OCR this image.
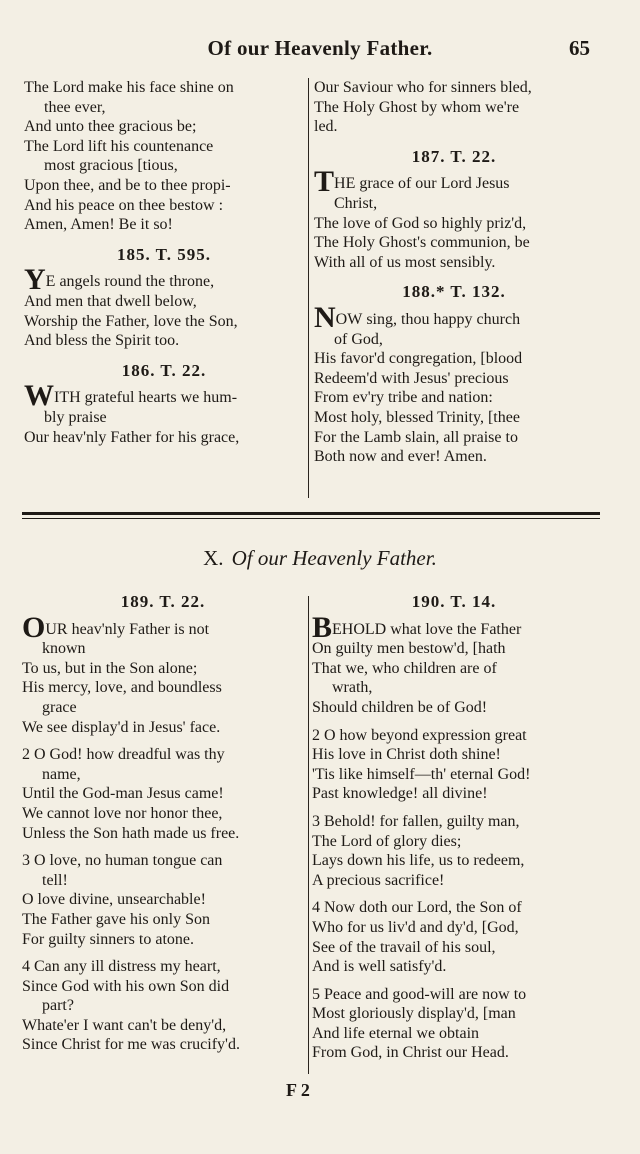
Of our Heavenly Father.	65

The Lord make his face shine on

thee ever,

And unto thee gracious be;

The Lord lift his countenance

most gracious [tious,

Upon thee, and be to thee propi-

And his peace on thee bestow :

Amen, Amen! Be it so!

185. T. 595.

YE angels round the throne,

And men that dwell below,

Worship the Father, love the Son,

And bless the Spirit too.

186. T. 22.

WITH grateful hearts we hum-

bly praise

Our heav'nly Father for his grace,

Our Saviour who for sinners bled,

The Holy Ghost by whom we're

led.

187. T. 22.

THE grace of our Lord Jesus

Christ,

The love of God so highly priz'd,

The Holy Ghost's communion, be

With all of us most sensibly.

188.* T. 132.

NOW sing, thou happy church

of God,

His favor'd congregation, [blood

Redeem'd with Jesus' precious

From ev'ry tribe and nation:

Most holy, blessed Trinity, [thee

For the Lamb slain, all praise to

Both now and ever! Amen.

X. Of our Heavenly Father.

189. T. 22.

OUR heav'nly Father is not

known

To us, but in the Son alone;

His mercy, love, and boundless

grace

We see display'd in Jesus' face.

2 O God! how dreadful was thy

name,

Until the God-man Jesus came!

We cannot love nor honor thee,

Unless the Son hath made us free.

3 O love, no human tongue can

tell!

O love divine, unsearchable!

The Father gave his only Son

For guilty sinners to atone.

4 Can any ill distress my heart,

Since God with his own Son did

part?

Whate'er I want can't be deny'd,

Since Christ for me was crucify'd.

190. T. 14.

BEHOLD what love the Father

On guilty men bestow'd, [hath

That we, who children are of

wrath,

Should children be of God!

2 O how beyond expression great

His love in Christ doth shine!

'Tis like himself—th' eternal God!

Past knowledge! all divine!

3 Behold! for fallen, guilty man,

The Lord of glory dies;

Lays down his life, us to redeem,

A precious sacrifice!

4 Now doth our Lord, the Son of

Who for us liv'd and dy'd, [God,

See of the travail of his soul,

And is well satisfy'd.

5 Peace and good-will are now to

Most gloriously display'd, [man

And life eternal we obtain

From God, in Christ our Head.

F 2
